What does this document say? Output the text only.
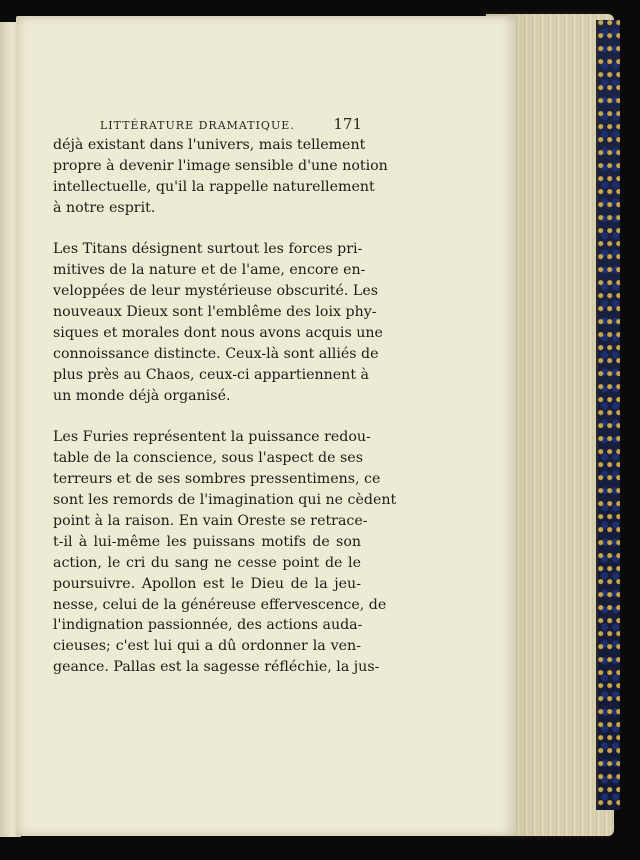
LITTÉRATURE DRAMATIQUE.	171
déjà existant dans l'univers, mais tellement
propre à devenir l'image sensible d'une notion
intellectuelle, qu'il la rappelle naturellement
à notre esprit.
Les Titans désignent surtout les forces pri-
mitives de la nature et de l'ame, encore en-
veloppées de leur mystérieuse obscurité. Les
nouveaux Dieux sont l'emblême des loix phy-
siques et morales dont nous avons acquis une
connoissance distincte. Ceux-là sont alliés de
plus près au Chaos, ceux-ci appartiennent à
un monde déjà organisé.
Les Furies représentent la puissance redou-
table de la conscience, sous l'aspect de ses
terreurs et de ses sombres pressentimens, ce
sont les remords de l'imagination qui ne cèdent
point à la raison. En vain Oreste se retrace-
t-il à lui-même les puissans motifs de son
action, le cri du sang ne cesse point de le
poursuivre. Apollon est le Dieu de la jeu-
nesse, celui de la généreuse effervescence, de
l'indignation passionnée, des actions auda-
cieuses; c'est lui qui a dû ordonner la ven-
geance. Pallas est la sagesse réfléchie, la jus-
